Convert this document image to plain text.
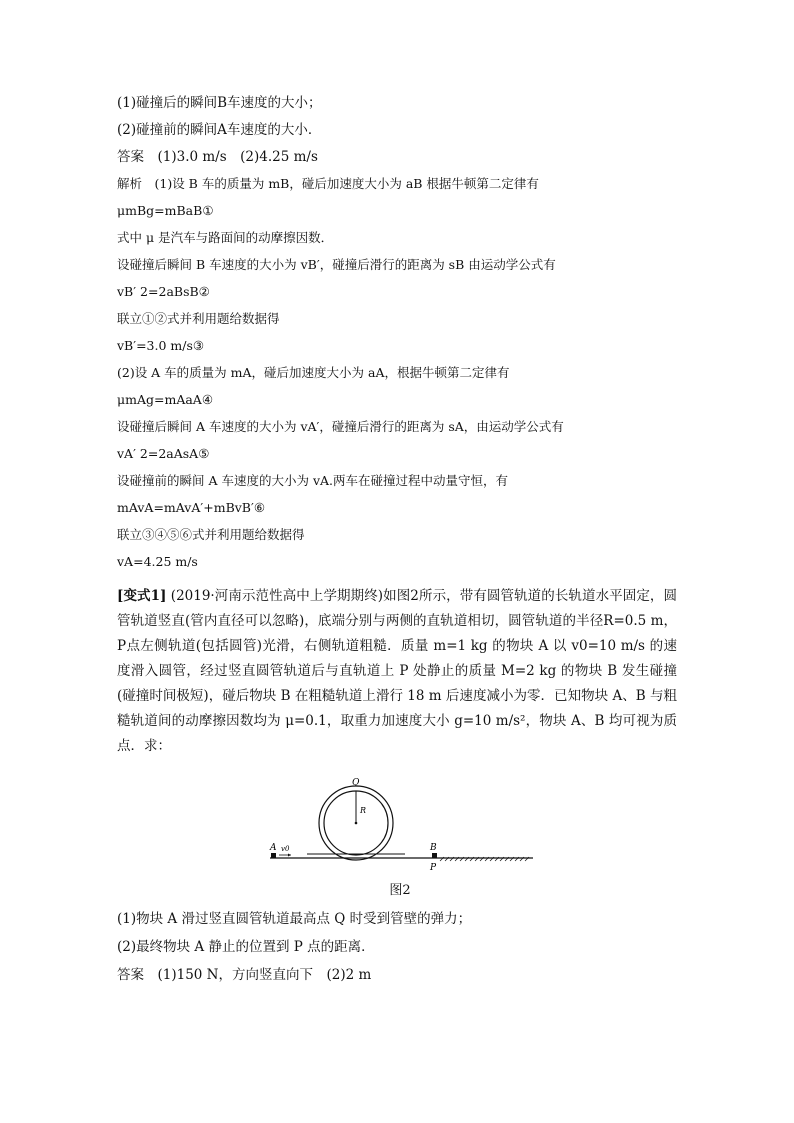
(1)碰撞后的瞬间B车速度的大小；
(2)碰撞前的瞬间A车速度的大小．
答案　(1)3.0 m/s　(2)4.25 m/s
解析　(1)设 B 车的质量为 mB，碰后加速度大小为 aB 根据牛顿第二定律有
μmBg=mBaB①
式中 μ 是汽车与路面间的动摩擦因数．
设碰撞后瞬间 B 车速度的大小为 vB′，碰撞后滑行的距离为 sB 由运动学公式有
vB′ 2=2aBsB②
联立①②式并利用题给数据得
vB′=3.0 m/s③
(2)设 A 车的质量为 mA，碰后加速度大小为 aA，根据牛顿第二定律有
μmAg=mAaA④
设碰撞后瞬间 A 车速度的大小为 vA′，碰撞后滑行的距离为 sA，由运动学公式有
vA′ 2=2aAsA⑤
设碰撞前的瞬间 A 车速度的大小为 vA.两车在碰撞过程中动量守恒，有
mAvA=mAvA′+mBvB′⑥
联立③④⑤⑥式并利用题给数据得
vA=4.25 m/s
[变式1] (2019·河南示范性高中上学期期终)如图2所示，带有圆管轨道的长轨道水平固定，圆管轨道竖直(管内直径可以忽略)，底端分别与两侧的直轨道相切，圆管轨道的半径R=0.5 m，P点左侧轨道(包括圆管)光滑，右侧轨道粗糙．质量 m=1 kg 的物块 A 以 v0=10 m/s 的速度滑入圆管，经过竖直圆管轨道后与直轨道上 P 处静止的质量 M=2 kg 的物块 B 发生碰撞(碰撞时间极短)，碰后物块 B 在粗糙轨道上滑行 18 m 后速度减小为零．已知物块 A、B 与粗糙轨道间的动摩擦因数均为 μ=0.1，取重力加速度大小 g=10 m/s²，物块 A、B 均可视为质点．求：
Q
R
A v0	B
P
图2
(1)物块 A 滑过竖直圆管轨道最高点 Q 时受到管壁的弹力；
(2)最终物块 A 静止的位置到 P 点的距离．
答案　(1)150 N，方向竖直向下　(2)2 m
